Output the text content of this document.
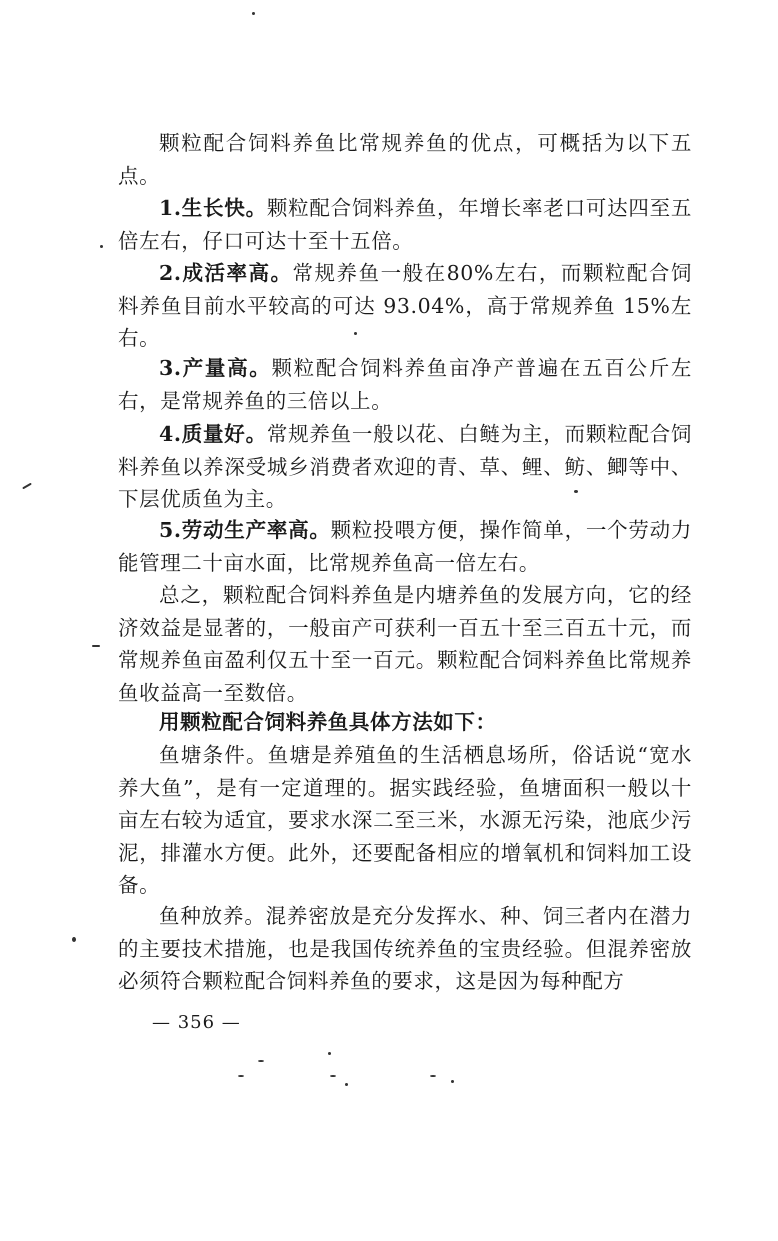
颗粒配合饲料养鱼比常规养鱼的优点，可概括为以下五点。

1.生长快。颗粒配合饲料养鱼，年增长率老口可达四至五倍左右，仔口可达十至十五倍。

2.成活率高。常规养鱼一般在80%左右，而颗粒配合饲料养鱼目前水平较高的可达 93.04%，高于常规养鱼 15%左右。

3.产量高。颗粒配合饲料养鱼亩净产普遍在五百公斤左右，是常规养鱼的三倍以上。

4.质量好。常规养鱼一般以花、白鲢为主，而颗粒配合饲料养鱼以养深受城乡消费者欢迎的青、草、鲤、鲂、鲫等中、下层优质鱼为主。

5.劳动生产率高。颗粒投喂方便，操作简单，一个劳动力能管理二十亩水面，比常规养鱼高一倍左右。

总之，颗粒配合饲料养鱼是内塘养鱼的发展方向，它的经济效益是显著的，一般亩产可获利一百五十至三百五十元，而常规养鱼亩盈利仅五十至一百元。颗粒配合饲料养鱼比常规养鱼收益高一至数倍。

用颗粒配合饲料养鱼具体方法如下：

鱼塘条件。鱼塘是养殖鱼的生活栖息场所，俗话说“宽水养大鱼”，是有一定道理的。据实践经验，鱼塘面积一般以十亩左右较为适宜，要求水深二至三米，水源无污染，池底少污泥，排灌水方便。此外，还要配备相应的增氧机和饲料加工设备。

鱼种放养。混养密放是充分发挥水、种、饲三者内在潜力的主要技术措施，也是我国传统养鱼的宝贵经验。但混养密放必须符合颗粒配合饲料养鱼的要求，这是因为每种配方

— 356 —
